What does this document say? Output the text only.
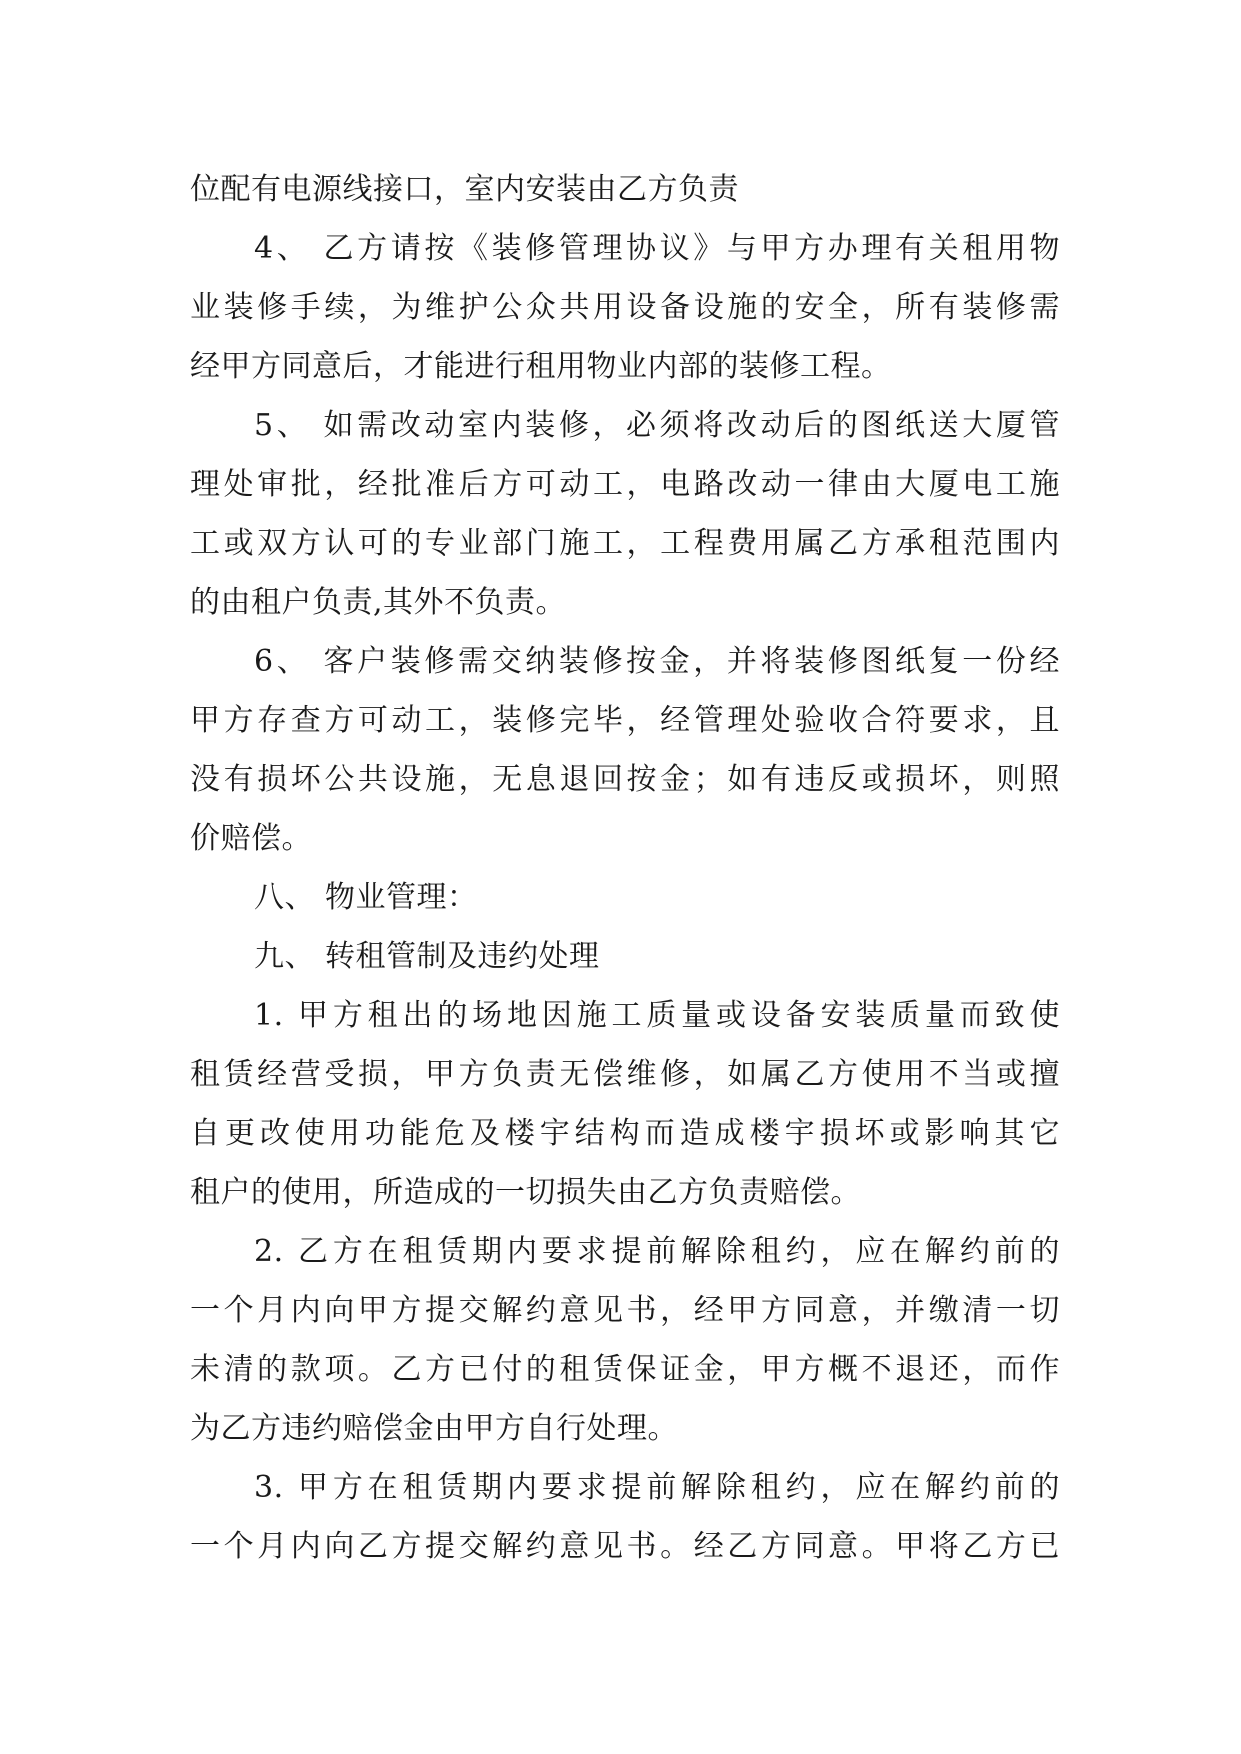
位配有电源线接口，室内安装由乙方负责
4、 乙方请按《装修管理协议》与甲方办理有关租用物
业装修手续，为维护公众共用设备设施的安全，所有装修需
经甲方同意后，才能进行租用物业内部的装修工程。
5、 如需改动室内装修，必须将改动后的图纸送大厦管
理处审批，经批准后方可动工，电路改动一律由大厦电工施
工或双方认可的专业部门施工，工程费用属乙方承租范围内
的由租户负责,其外不负责。
6、 客户装修需交纳装修按金，并将装修图纸复一份经
甲方存查方可动工，装修完毕，经管理处验收合符要求，且
没有损坏公共设施，无息退回按金；如有违反或损坏，则照
价赔偿。
八、 物业管理：
九、 转租管制及违约处理
1. 甲方租出的场地因施工质量或设备安装质量而致使
租赁经营受损，甲方负责无偿维修，如属乙方使用不当或擅
自更改使用功能危及楼宇结构而造成楼宇损坏或影响其它
租户的使用，所造成的一切损失由乙方负责赔偿。
2. 乙方在租赁期内要求提前解除租约，应在解约前的
一个月内向甲方提交解约意见书，经甲方同意，并缴清一切
未清的款项。乙方已付的租赁保证金，甲方概不退还，而作
为乙方违约赔偿金由甲方自行处理。
3. 甲方在租赁期内要求提前解除租约，应在解约前的
一个月内向乙方提交解约意见书。经乙方同意。甲将乙方已
